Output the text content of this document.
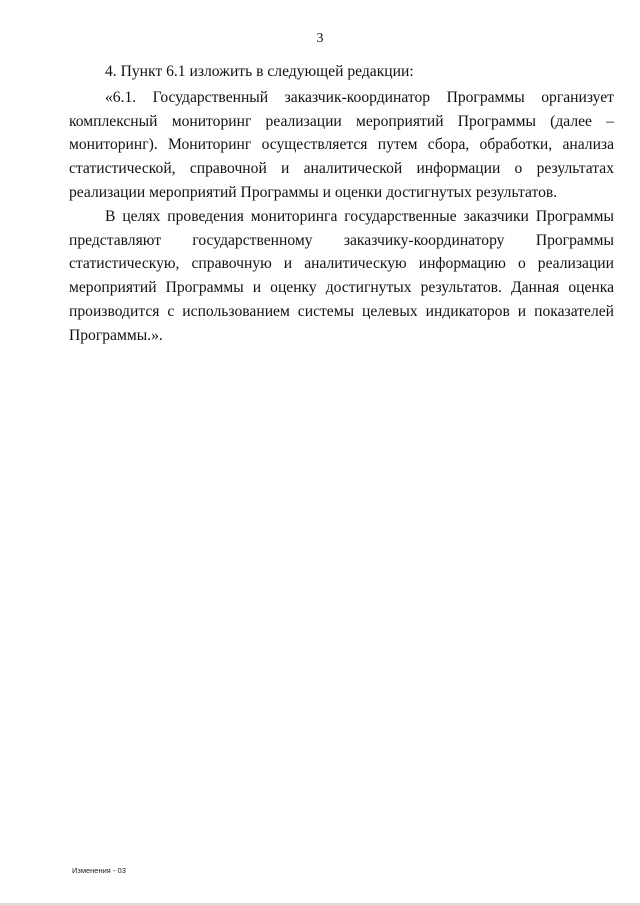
3

4. Пункт 6.1 изложить в следующей редакции:

«6.1. Государственный заказчик-координатор Программы организует комплексный мониторинг реализации мероприятий Программы (далее – мониторинг). Мониторинг осуществляется путем сбора, обработки, анализа статистической, справочной и аналитической информации о результатах реализации мероприятий Программы и оценки достигнутых результатов.

В целях проведения мониторинга государственные заказчики Программы представляют государственному заказчику-координатору Программы статистическую, справочную и аналитическую информацию о реализации мероприятий Программы и оценку достигнутых результатов. Данная оценка производится с использованием системы целевых индикаторов и показателей Программы.».

Изменения - 03
